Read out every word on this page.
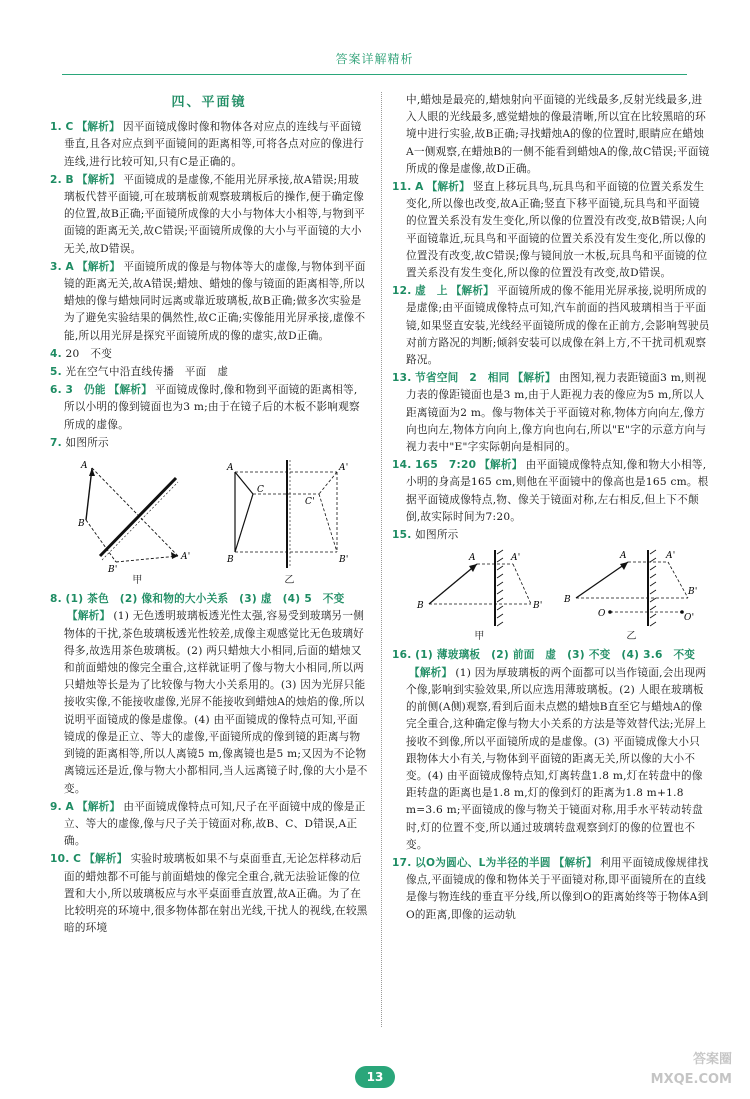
答案详解精析
四、平面镜
1. C 【解析】 因平面镜成像时像和物体各对应点的连线与平面镜垂直,且各对应点到平面镜间的距离相等,可将各点对应的像进行连线,进行比较可知,只有C是正确的。
2. B 【解析】 平面镜成的是虚像,不能用光屏承接,故A错误;用玻璃板代替平面镜,可在玻璃板前观察玻璃板后的操作,便于确定像的位置,故B正确;平面镜所成像的大小与物体大小相等,与物到平面镜的距离无关,故C错误;平面镜所成像的大小与平面镜的大小无关,故D错误。
3. A 【解析】 平面镜所成的像是与物体等大的虚像,与物体到平面镜的距离无关,故A错误;蜡烛、蜡烛的像与镜面的距离相等,所以蜡烛的像与蜡烛同时远离或靠近玻璃板,故B正确;做多次实验是为了避免实验结果的偶然性,故C正确;实像能用光屏承接,虚像不能,所以用光屏是探究平面镜所成的像的虚实,故D正确。
4. 20　不变
5. 光在空气中沿直线传播　平面　虚
6. 3　仍能 【解析】 平面镜成像时,像和物到平面镜的距离相等,所以小明的像到镜面也为3 m;由于在镜子后的木板不影响观察所成的虚像。
7. 如图所示
A
B
B'
A'
甲
A
C
B
A'
C'
B'
乙
8. (1) 茶色　(2) 像和物的大小关系　(3) 虚　(4) 5　不变【解析】 (1) 无色透明玻璃板透光性太强,容易受到玻璃另一侧物体的干扰,茶色玻璃板透光性较差,成像主观感觉比无色玻璃好得多,故选用茶色玻璃板。(2) 两只蜡烛大小相同,后面的蜡烛又和前面蜡烛的像完全重合,这样就证明了像与物大小相同,所以两只蜡烛等长是为了比较像与物大小关系用的。(3) 因为光屏只能接收实像,不能接收虚像,光屏不能接收到蜡烛A的烛焰的像,所以说明平面镜成的像是虚像。(4) 由平面镜成的像特点可知,平面镜成的像是正立、等大的虚像,平面镜所成的像到镜的距离与物到镜的距离相等,所以人离镜5 m,像离镜也是5 m;又因为不论物离镜远还是近,像与物大小都相同,当人远离镜子时,像的大小是不变。
9. A 【解析】 由平面镜成像特点可知,尺子在平面镜中成的像是正立、等大的虚像,像与尺子关于镜面对称,故B、C、D错误,A正确。
10. C 【解析】 实验时玻璃板如果不与桌面垂直,无论怎样移动后面的蜡烛都不可能与前面蜡烛的像完全重合,就无法验证像的位置和大小,所以玻璃板应与水平桌面垂直放置,故A正确。为了在比较明亮的环境中,很多物体都在射出光线,干扰人的视线,在较黑暗的环境
中,蜡烛是最亮的,蜡烛射向平面镜的光线最多,反射光线最多,进入人眼的光线最多,感觉蜡烛的像最清晰,所以宜在比较黑暗的环境中进行实验,故B正确;寻找蜡烛A的像的位置时,眼睛应在蜡烛A一侧观察,在蜡烛B的一侧不能看到蜡烛A的像,故C错误;平面镜所成的像是虚像,故D正确。
11. A 【解析】 竖直上移玩具鸟,玩具鸟和平面镜的位置关系发生变化,所以像也改变,故A正确;竖直下移平面镜,玩具鸟和平面镜的位置关系没有发生变化,所以像的位置没有改变,故B错误;人向平面镜靠近,玩具鸟和平面镜的位置关系没有发生变化,所以像的位置没有改变,故C错误;像与镜间放一木板,玩具鸟和平面镜的位置关系没有发生变化,所以像的位置没有改变,故D错误。
12. 虚　上 【解析】 平面镜所成的像不能用光屏承接,说明所成的是虚像;由平面镜成像特点可知,汽车前面的挡风玻璃相当于平面镜,如果竖直安装,光线经平面镜所成的像在正前方,会影响驾驶员对前方路况的判断;倾斜安装可以成像在斜上方,不干扰司机观察路况。
13. 节省空间　2　相同 【解析】 由图知,视力表距镜面3 m,则视力表的像距镜面也是3 m,由于人距视力表的像应为5 m,所以人距离镜面为2 m。像与物体关于平面镜对称,物体方向向左,像方向也向左,物体方向向上,像方向也向右,所以"E"字的示意方向与视力表中"E"字实际朝向是相同的。
14. 165　7:20 【解析】 由平面镜成像特点知,像和物大小相等,小明的身高是165 cm,则他在平面镜中的像高也是165 cm。根据平面镜成像特点,物、像关于镜面对称,左右相反,但上下不颠倒,故实际时间为7:20。
15. 如图所示
A
B
A'
B'
甲
A
B
A'
B'
O	O'
乙
16. (1) 薄玻璃板　(2) 前面　虚　(3) 不变　(4) 3.6　不变【解析】 (1) 因为厚玻璃板的两个面都可以当作镜面,会出现两个像,影响到实验效果,所以应选用薄玻璃板。(2) 人眼在玻璃板的前侧(A侧)观察,看到后面未点燃的蜡烛B直至它与蜡烛A的像完全重合,这种确定像与物大小关系的方法是等效替代法;光屏上接收不到像,所以平面镜所成的是虚像。(3) 平面镜成像大小只跟物体大小有关,与物体到平面镜的距离无关,所以像的大小不变。(4) 由平面镜成像特点知,灯离转盘1.8 m,灯在转盘中的像距转盘的距离也是1.8 m,灯的像到灯的距离为1.8 m+1.8 m=3.6 m;平面镜成的像与物关于镜面对称,用手水平转动转盘时,灯的位置不变,所以通过玻璃转盘观察到灯的像的位置也不变。
17. 以O为圆心、L为半径的半圆 【解析】 利用平面镜成像规律找像点,平面镜成的像和物体关于平面镜对称,即平面镜所在的直线是像与物连线的垂直平分线,所以像到O的距离始终等于物体A到O的距离,即像的运动轨
13
答案圈
MXQE.COM
